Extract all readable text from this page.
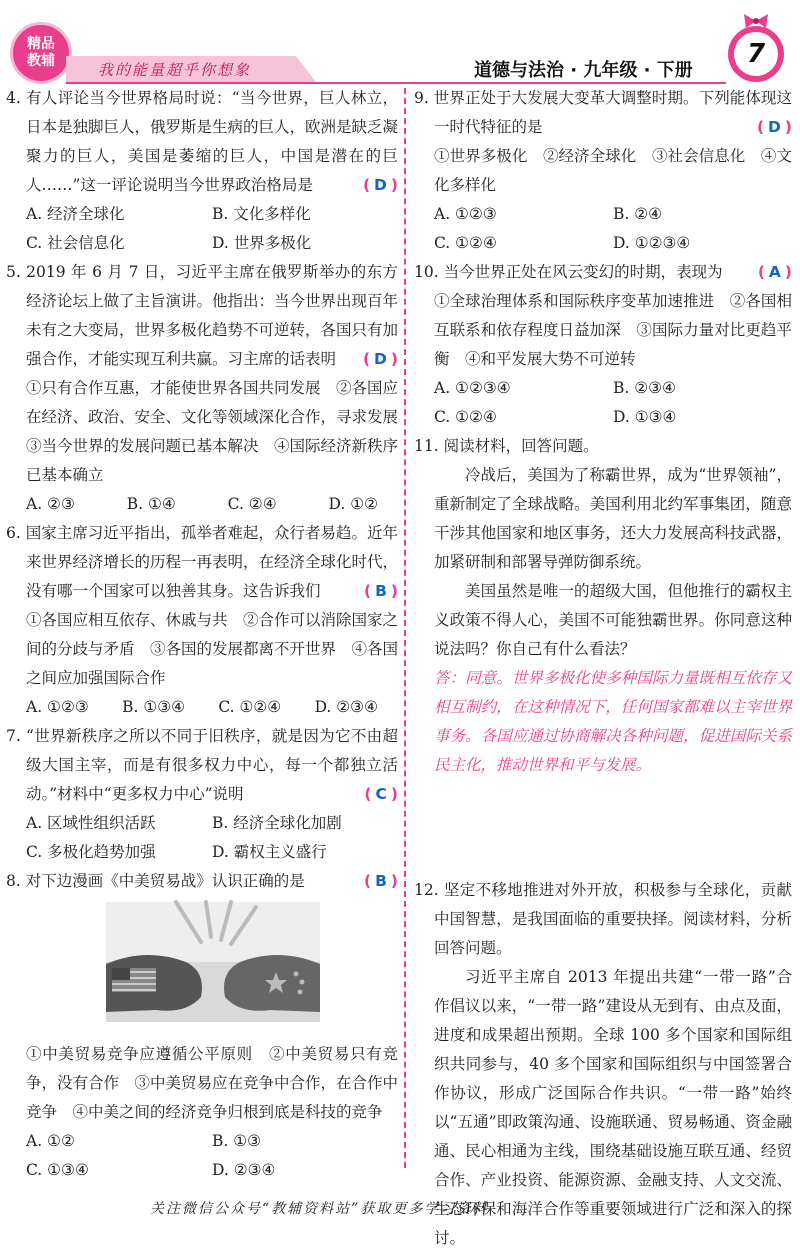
精品
教辅	我的能量超乎你想象	道德与法治 · 九年级 · 下册
7
4. 有人评论当今世界格局时说：“当今世界，巨人林立，日本是独脚巨人，俄罗斯是生病的巨人，欧洲是缺乏凝聚力的巨人，美国是萎缩的巨人，中国是潜在的巨人……”这一评论说明当今世界政治格局是	( D )
A. 经济全球化	B. 文化多样化
C. 社会信息化	D. 世界多极化
5. 2019 年 6 月 7 日，习近平主席在俄罗斯举办的东方经济论坛上做了主旨演讲。他指出：当今世界出现百年未有之大变局，世界多极化趋势不可逆转，各国只有加强合作，才能实现互利共赢。习主席的话表明 ( D )
①只有合作互惠，才能使世界各国共同发展　②各国应在经济、政治、安全、文化等领域深化合作，寻求发展　③当今世界的发展问题已基本解决　④国际经济新秩序已基本确立
A. ②③	B. ①④	C. ②④	D. ①②
6. 国家主席习近平指出，孤举者难起，众行者易趋。近年来世界经济增长的历程一再表明，在经济全球化时代，没有哪一个国家可以独善其身。这告诉我们	( B )
①各国应相互依存、休戚与共　②合作可以消除国家之间的分歧与矛盾　③各国的发展都离不开世界　④各国之间应加强国际合作
A. ①②③ B. ①③④ C. ①②④ D. ②③④
7. “世界新秩序之所以不同于旧秩序，就是因为它不由超级大国主宰，而是有很多权力中心，每一个都独立活动。”材料中“更多权力中心”说明	( C )
A. 区域性组织活跃	B. 经济全球化加剧
C. 多极化趋势加强	D. 霸权主义盛行
8. 对下边漫画《中美贸易战》认识正确的是	( B )
①中美贸易竞争应遵循公平原则　②中美贸易只有竞争，没有合作　③中美贸易应在竞争中合作，在合作中竞争　④中美之间的经济竞争归根到底是科技的竞争
A. ①②	B. ①③
C. ①③④	D. ②③④
9. 世界正处于大发展大变革大调整时期。下列能体现这一时代特征的是	( D )
①世界多极化　②经济全球化　③社会信息化　④文化多样化
A. ①②③	B. ②④
C. ①②④	D. ①②③④
10. 当今世界正处在风云变幻的时期，表现为 ( A )
①全球治理体系和国际秩序变革加速推进　②各国相互联系和依存程度日益加深　③国际力量对比更趋平衡　④和平发展大势不可逆转
A. ①②③④	B. ②③④
C. ①②④	D. ①③④
11. 阅读材料，回答问题。
冷战后，美国为了称霸世界，成为“世界领袖”，重新制定了全球战略。美国利用北约军事集团，随意干涉其他国家和地区事务，还大力发展高科技武器，加紧研制和部署导弹防御系统。
美国虽然是唯一的超级大国，但他推行的霸权主义政策不得人心，美国不可能独霸世界。你同意这种说法吗？你自己有什么看法？
答：同意。世界多极化使多种国际力量既相互依存又相互制约，在这种情况下，任何国家都难以主宰世界事务。各国应通过协商解决各种问题，促进国际关系民主化，推动世界和平与发展。
12. 坚定不移地推进对外开放，积极参与全球化，贡献中国智慧，是我国面临的重要抉择。阅读材料，分析回答问题。
习近平主席自 2013 年提出共建“一带一路”合作倡议以来，“一带一路”建设从无到有、由点及面，进度和成果超出预期。全球 100 多个国家和国际组织共同参与，40 多个国家和国际组织与中国签署合作协议，形成广泛国际合作共识。“一带一路”始终以“五通”即政策沟通、设施联通、贸易畅通、资金融通、民心相通为主线，围绕基础设施互联互通、经贸合作、产业投资、能源资源、金融支持、人文交流、生态环保和海洋合作等重要领域进行广泛和深入的探讨。
关注微信公众号“教辅资料站”获取更多学习资料
